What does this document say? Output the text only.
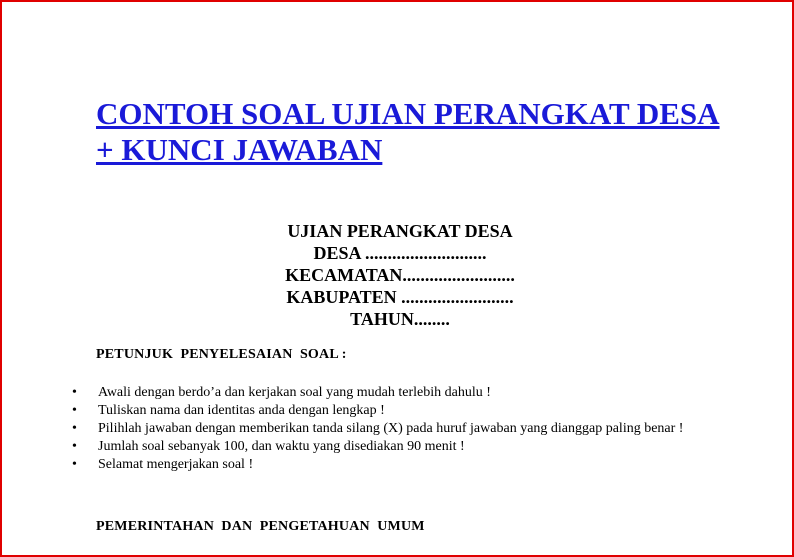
CONTOH SOAL UJIAN PERANGKAT DESA + KUNCI JAWABAN
UJIAN PERANGKAT DESA
DESA ...........................
KECAMATAN.........................
KABUPATEN .........................
TAHUN........
PETUNJUK  PENYELESAIAN  SOAL :
•	Awali dengan berdo’a dan kerjakan soal yang mudah terlebih dahulu !
•	Tuliskan nama dan identitas anda dengan lengkap !
•	Pilihlah jawaban dengan memberikan tanda silang (X) pada huruf jawaban yang dianggap paling benar !
•	Jumlah soal sebanyak 100, dan waktu yang disediakan 90 menit !
•	Selamat mengerjakan soal !
PEMERINTAHAN  DAN  PENGETAHUAN  UMUM
